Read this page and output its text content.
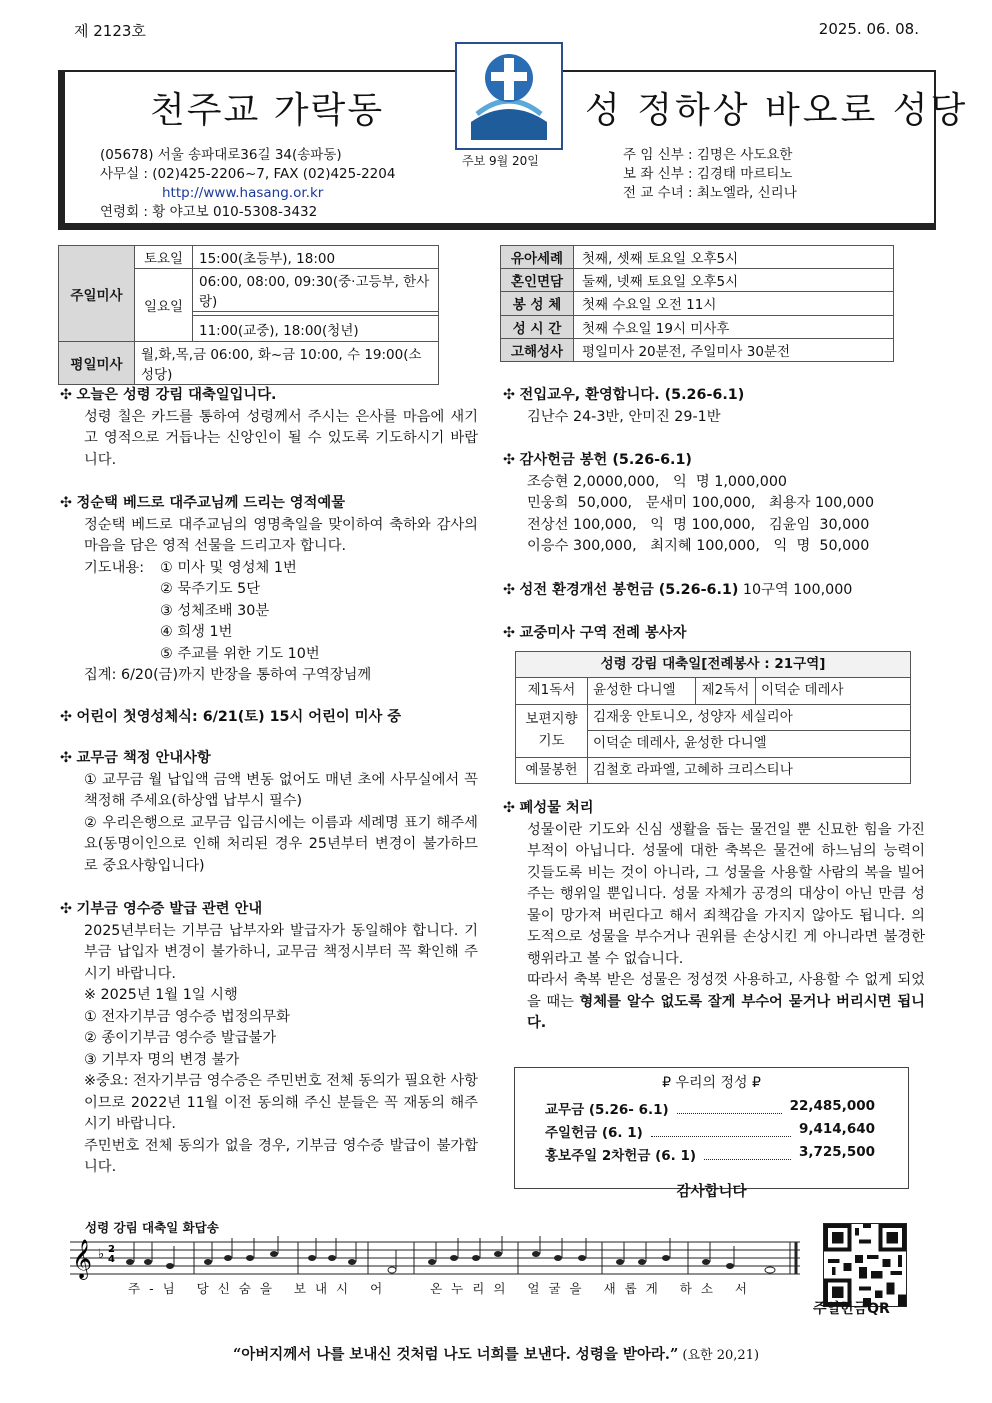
제 2123호	2025. 06. 08.
천주교 가락동	성 정하상 바오로 성당
(05678) 서울 송파대로36길 34(송파동)
사무실 : (02)425-2206~7, FAX (02)425-2204
http://www.hasang.or.kr
연령회 : 황 야고보 010-5308-3432
주보 9월 20일	주 임 신부 : 김명은 사도요한
보 좌 신부 : 김경태 마르티노
전 교 수녀 : 최노엘라, 신리나
주일미사	토요일	15:00(초등부), 18:00
	일요일	06:00, 08:00, 09:30(중·고등부, 한사랑)

		11:00(교중), 18:00(청년)
평일미사	월,화,목,금 06:00, 화~금 10:00, 수 19:00(소성당)	
유아세례	첫째, 셋째 토요일 오후5시
혼인면담	둘째, 넷째 토요일 오후5시
봉 성 체	첫째 수요일 오전 11시
성 시 간	첫째 수요일 19시 미사후
고해성사	평일미사 20분전, 주일미사 30분전
✣ 오늘은 성령 강림 대축일입니다.
성령 칠은 카드를 통하여 성령께서 주시는 은사를 마음에 새기고 영적으로 거듭나는 신앙인이 될 수 있도록 기도하시기 바랍니다.
✣ 정순택 베드로 대주교님께 드리는 영적예물
정순택 베드로 대주교님의 영명축일을 맞이하여 축하와 감사의 마음을 담은 영적 선물을 드리고자 합니다.
기도내용: ① 미사 및 영성체 1번
② 묵주기도 5단
③ 성체조배 30분
④ 희생 1번
⑤ 주교를 위한 기도 10번
집계: 6/20(금)까지 반장을 통하여 구역장님께
✣ 어린이 첫영성체식: 6/21(토) 15시 어린이 미사 중
✣ 교무금 책정 안내사항
① 교무금 월 납입액 금액 변동 없어도 매년 초에 사무실에서 꼭 책정해 주세요(하상앱 납부시 필수)
② 우리은행으로 교무금 입금시에는 이름과 세례명 표기 해주세요(동명이인으로 인해 처리된 경우 25년부터 변경이 불가하므로 중요사항입니다)
✣ 기부금 영수증 발급 관련 안내
2025년부터는 기부금 납부자와 발급자가 동일해야 합니다. 기부금 납입자 변경이 불가하니, 교무금 책정시부터 꼭 확인해 주시기 바랍니다.
※ 2025년 1월 1일 시행
① 전자기부금 영수증 법정의무화
② 종이기부금 영수증 발급불가
③ 기부자 명의 변경 불가
※중요: 전자기부금 영수증은 주민번호 전체 동의가 필요한 사항이므로 2022년 11월 이전 동의해 주신 분들은 꼭 재동의 해주시기 바랍니다.
주민번호 전체 동의가 없을 경우, 기부금 영수증 발급이 불가합니다.
✣ 전입교우, 환영합니다. (5.26-6.1)
김난수 24-3반, 안미진 29-1반
✣ 감사헌금 봉헌 (5.26-6.1)
조승현 2,0000,000,   익  명 1,000,000
민웅희  50,000,   문새미 100,000,   최용자 100,000
전상선 100,000,   익  명 100,000,   김윤임  30,000
이응수 300,000,   최지혜 100,000,   익  명  50,000
✣ 성전 환경개선 봉헌금 (5.26-6.1) 10구역 100,000
✣ 교중미사 구역 전례 봉사자
성령 강림 대축일[전례봉사 : 21구역]			
제1독서	윤성한 다니엘	제2독서	이덕순 데레사
보편지향 기도	김재웅 안토니오, 성양자 세실리아		
	이덕순 데레사, 윤성한 다니엘		
예물봉헌	김철호 라파엘, 고혜하 크리스티나		
✣ 폐성물 처리
성물이란 기도와 신심 생활을 돕는 물건일 뿐 신묘한 힘을 가진 부적이 아닙니다. 성물에 대한 축복은 물건에 하느님의 능력이 깃들도록 비는 것이 아니라, 그 성물을 사용할 사람의 복을 빌어주는 행위일 뿐입니다. 성물 자체가 공경의 대상이 아닌 만큼 성물이 망가져 버린다고 해서 죄책감을 가지지 않아도 됩니다. 의도적으로 성물을 부수거나 권위를 손상시킨 게 아니라면 불경한 행위라고 볼 수 없습니다.
따라서 축복 받은 성물은 정성껏 사용하고, 사용할 수 없게 되었을 때는 형체를 알수 없도록 잘게 부수어 묻거나 버리시면 됩니다.
₽ 우리의 정성 ₽
교무금 (5.26- 6.1)	22,485,000
주일헌금 (6. 1)	9,414,640
홍보주일 2차헌금 (6. 1)	3,725,500
감사합니다
성령 강림 대축일 화답송
𝄞 ♭ 2
4
주-님 당신숨을 보내시 어   온누리의 얼굴을 새롭게 하소 서
주일헌금QR
“아버지께서 나를 보내신 것처럼 나도 너희를 보낸다. 성령을 받아라.” (요한 20,21)
